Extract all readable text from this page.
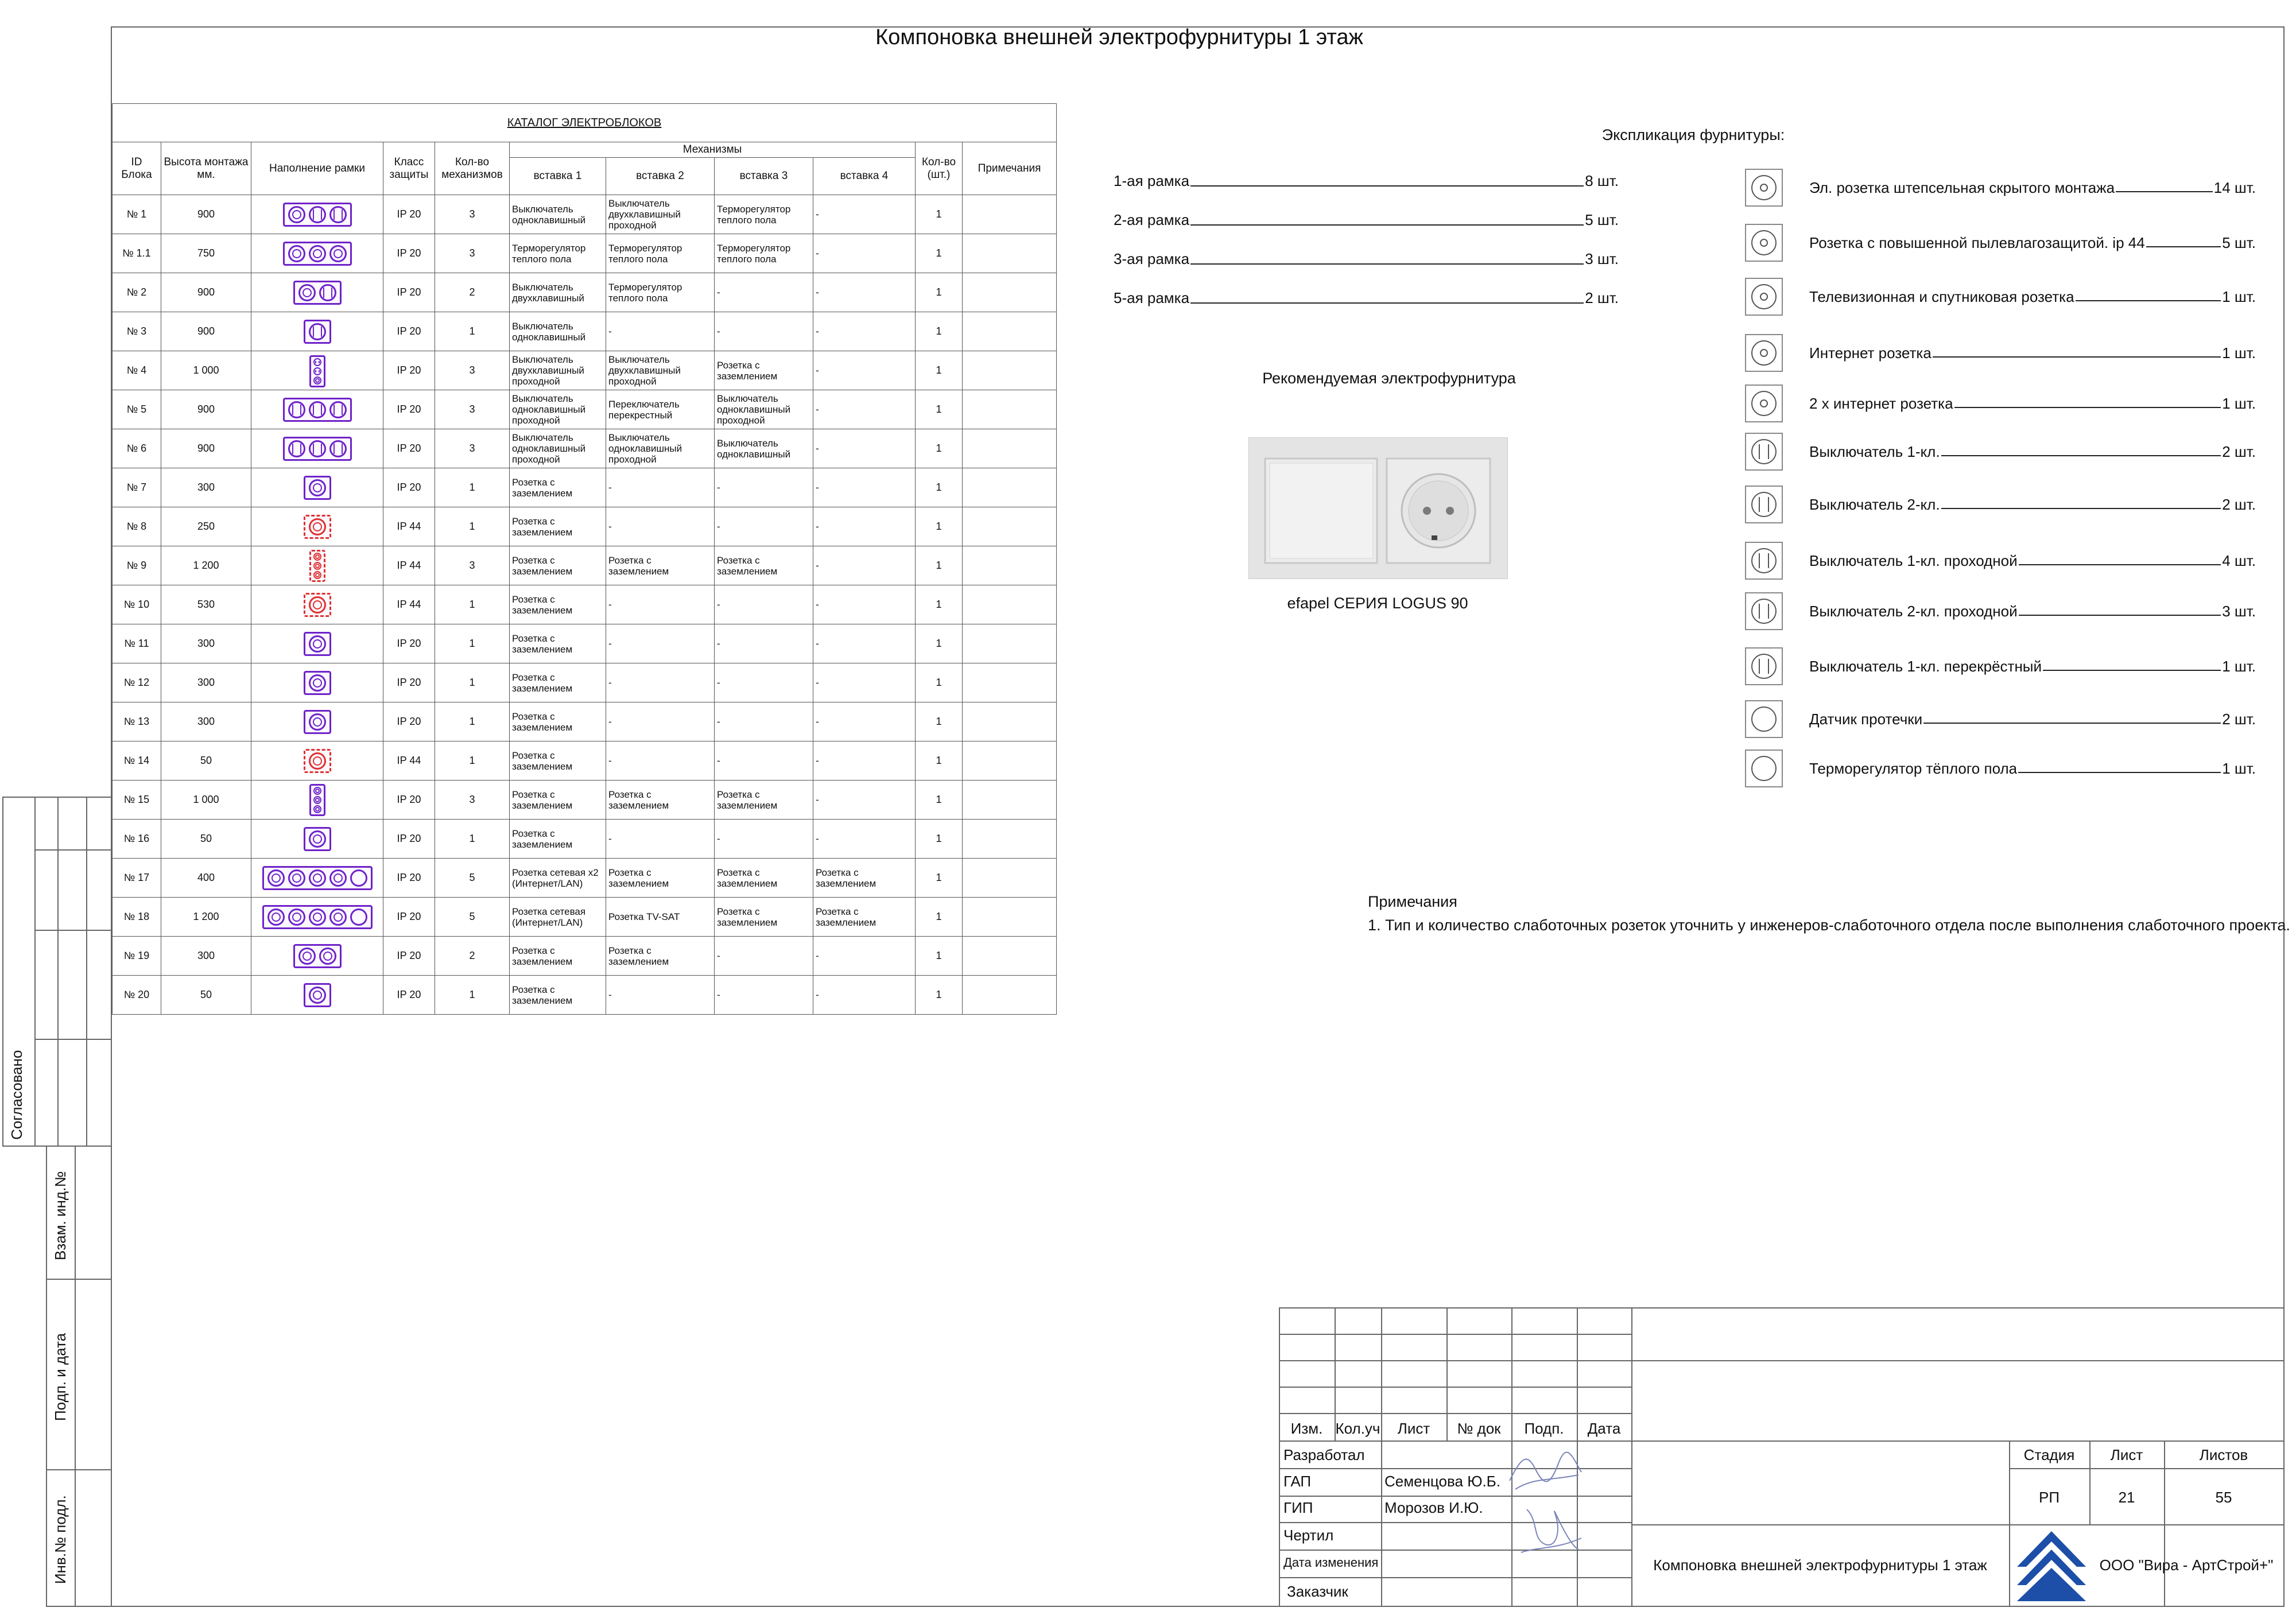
Компоновка внешней электрофурнитуры 1 этаж
КАТАЛОГ ЭЛЕКТРОБЛОКОВ										
ID Блока	Высота монтажа мм.	Наполнение рамки	Класс защиты	Кол-во механизмов	Механизмы				Кол-во (шт.)	Примечания
					вставка 1	вставка 2	вставка 3	вставка 4		
№ 1	900		IP 20	3	Выключатель одноклавишный	Выключатель двухклавишный проходной	Терморегулятор теплого пола	-	1	
№ 1.1	750		IP 20	3	Терморегулятор теплого пола	Терморегулятор теплого пола	Терморегулятор теплого пола	-	1	
№ 2	900		IP 20	2	Выключатель двухклавишный	Терморегулятор теплого пола	-	-	1	
№ 3	900		IP 20	1	Выключатель одноклавишный	-	-	-	1	
№ 4	1 000		IP 20	3	Выключатель двухклавишный проходной	Выключатель двухклавишный проходной	Розетка с заземлением	-	1	
№ 5	900		IP 20	3	Выключатель одноклавишный проходной	Переключатель перекрестный	Выключатель одноклавишный проходной	-	1	
№ 6	900		IP 20	3	Выключатель одноклавишный проходной	Выключатель одноклавишный проходной	Выключатель одноклавишный	-	1	
№ 7	300		IP 20	1	Розетка с заземлением	-	-	-	1	
№ 8	250		IP 44	1	Розетка с заземлением	-	-	-	1	
№ 9	1 200		IP 44	3	Розетка с заземлением	Розетка с заземлением	Розетка с заземлением	-	1	
№ 10	530		IP 44	1	Розетка с заземлением	-	-	-	1	
№ 11	300		IP 20	1	Розетка с заземлением	-	-	-	1	
№ 12	300		IP 20	1	Розетка с заземлением	-	-	-	1	
№ 13	300		IP 20	1	Розетка с заземлением	-	-	-	1	
№ 14	50		IP 44	1	Розетка с заземлением	-	-	-	1	
№ 15	1 000		IP 20	3	Розетка с заземлением	Розетка с заземлением	Розетка с заземлением	-	1	
№ 16	50		IP 20	1	Розетка с заземлением	-	-	-	1	
№ 17	400		IP 20	5	Розетка сетевая x2 (Интернет/LAN)	Розетка с заземлением	Розетка с заземлением	Розетка с заземлением	1	
№ 18	1 200		IP 20	5	Розетка сетевая (Интернет/LAN)	Розетка TV-SAT	Розетка с заземлением	Розетка с заземлением	1	
№ 19	300		IP 20	2	Розетка с заземлением	Розетка с заземлением	-	-	1	
№ 20	50		IP 20	1	Розетка с заземлением	-	-	-	1	
1-ая рамка	8 шт.
2-ая рамка	5 шт.
3-ая рамка	3 шт.
5-ая рамка	2 шт.
Экспликация фурнитуры:
Эл. розетка штепсельная скрытого монтажа	14 шт.
Розетка с повышенной пылевлагозащитой. ip 44	5 шт.
Телевизионная и спутниковая розетка	1 шт.
Интернет розетка	1 шт.
2 х интернет розетка	1 шт.
Выключатель 1-кл.	2 шт.
Выключатель 2-кл.	2 шт.
Выключатель 1-кл. проходной	4 шт.
Выключатель 2-кл. проходной	3 шт.
Выключатель 1-кл. перекрёстный	1 шт.
Датчик протечки	2 шт.
Терморегулятор тёплого пола	1 шт.
Рекомендуемая электрофурнитура
efapel СЕРИЯ LOGUS 90
Примечания
1. Тип и количество слаботочных розеток уточнить у инженеров-слаботочного отдела после выполнения слаботочного проекта.
Согласовано
Взам. инд.№
Подп. и дата
Инв.№ подл.
Изм. Кол.уч	Лист	№ док	Подп.	Дата
Разработал
ГАП
ГИП
Чертил
Дата изменения
Заказчик
Семенцова Ю.Б.
Морозов И.Ю.
Стадия	Лист	Листов
РП	21	55
Компоновка внешней электрофурнитуры 1 этаж	ООО "Вира - АртСтрой+"
